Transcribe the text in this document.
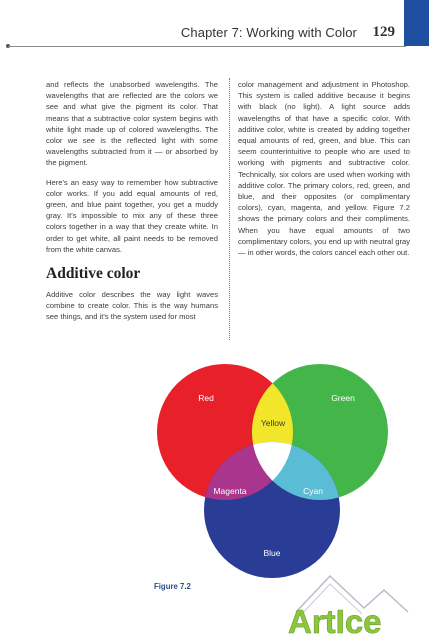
Chapter 7: Working with Color 129

and reflects the unabsorbed wavelengths. The wavelengths that are reflected are the colors we see and what give the pigment its color. That means that a subtractive color system begins with white light made up of colored wavelengths. The color we see is the reflected light with some wavelengths subtracted from it — or absorbed by the pigment.

Here's an easy way to remember how subtractive color works. If you add equal amounts of red, green, and blue paint together, you get a muddy gray. It's impossible to mix any of these three colors together in a way that they create white. In order to get white, all paint needs to be removed from the white canvas.

Additive color

Additive color describes the way light waves combine to create color. This is the way humans see things, and it's the system used for most

color management and adjustment in Photoshop. This system is called additive because it begins with black (no light). A light source adds wavelengths of that have a specific color. With additive color, white is created by adding together equal amounts of red, green, and blue. This can seem counterintuitive to people who are used to working with pigments and subtractive color. Technically, six colors are used when working with additive color. The primary colors, red, green, and blue, and their opposites (or complimentary colors), cyan, magenta, and yellow. Figure 7.2 shows the primary colors and their compliments. When you have equal amounts of two complimentary colors, you end up with neutral gray — in other words, the colors cancel each other out.

Red	Green
Yellow
Magenta	Cyan
Blue
Figure 7.2
ArtIce
